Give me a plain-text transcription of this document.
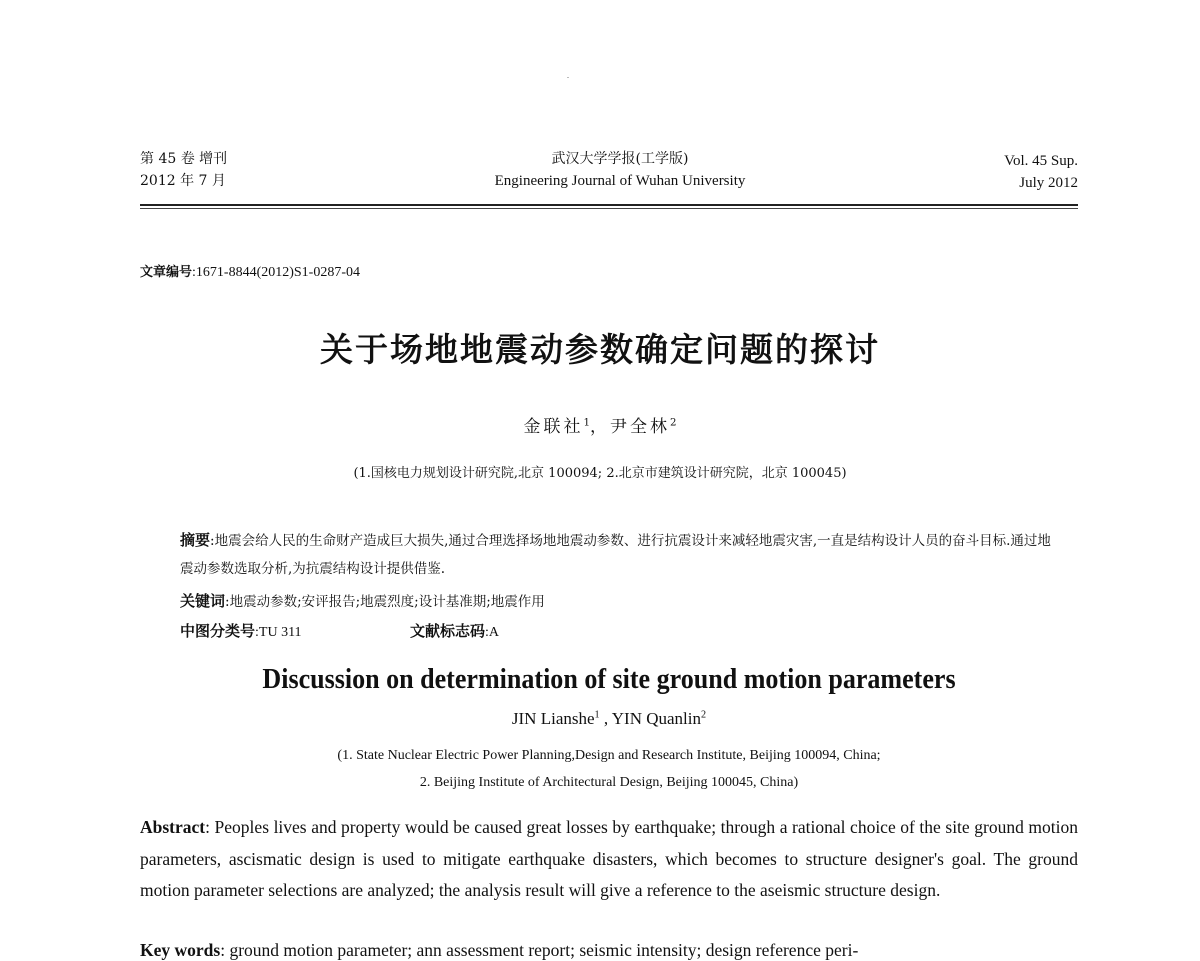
第 45 卷 增刊
2012 年 7 月
武汉大学学报(工学版)
Engineering Journal of Wuhan University
Vol. 45 Sup.
July 2012
文章编号:1671-8844(2012)S1-0287-04
关于场地地震动参数确定问题的探讨
金联社$^1$，尹全林$^2$
(1.国核电力规划设计研究院,北京 100094; 2.北京市建筑设计研究院，北京 100045)
摘要:地震会给人民的生命财产造成巨大损失,通过合理选择场地地震动参数、进行抗震设计来减轻地震灾害,一直是结构设计人员的奋斗目标.通过地震动参数选取分析,为抗震结构设计提供借鉴.
关键词:地震动参数;安评报告;地震烈度;设计基准期;地震作用
中图分类号:TU 311	文献标志码:A
Discussion on determination of site ground motion parameters
JIN Lianshe$^1$ , YIN Quanlin$^2$
(1. State Nuclear Electric Power Planning,Design and Research Institute, Beijing 100094, China;
2. Beijing Institute of Architectural Design, Beijing 100045, China)
Abstract: Peoples lives and property would be caused great losses by earthquake; through a rational choice of the site ground motion parameters, ascismatic design is used to mitigate earthquake disasters, which becomes to structure designer's goal. The ground motion parameter selections are analyzed; the analysis result will give a reference to the aseismic structure design.
Key words: ground motion parameter; ann assessment report; seismic intensity; design reference peri-
